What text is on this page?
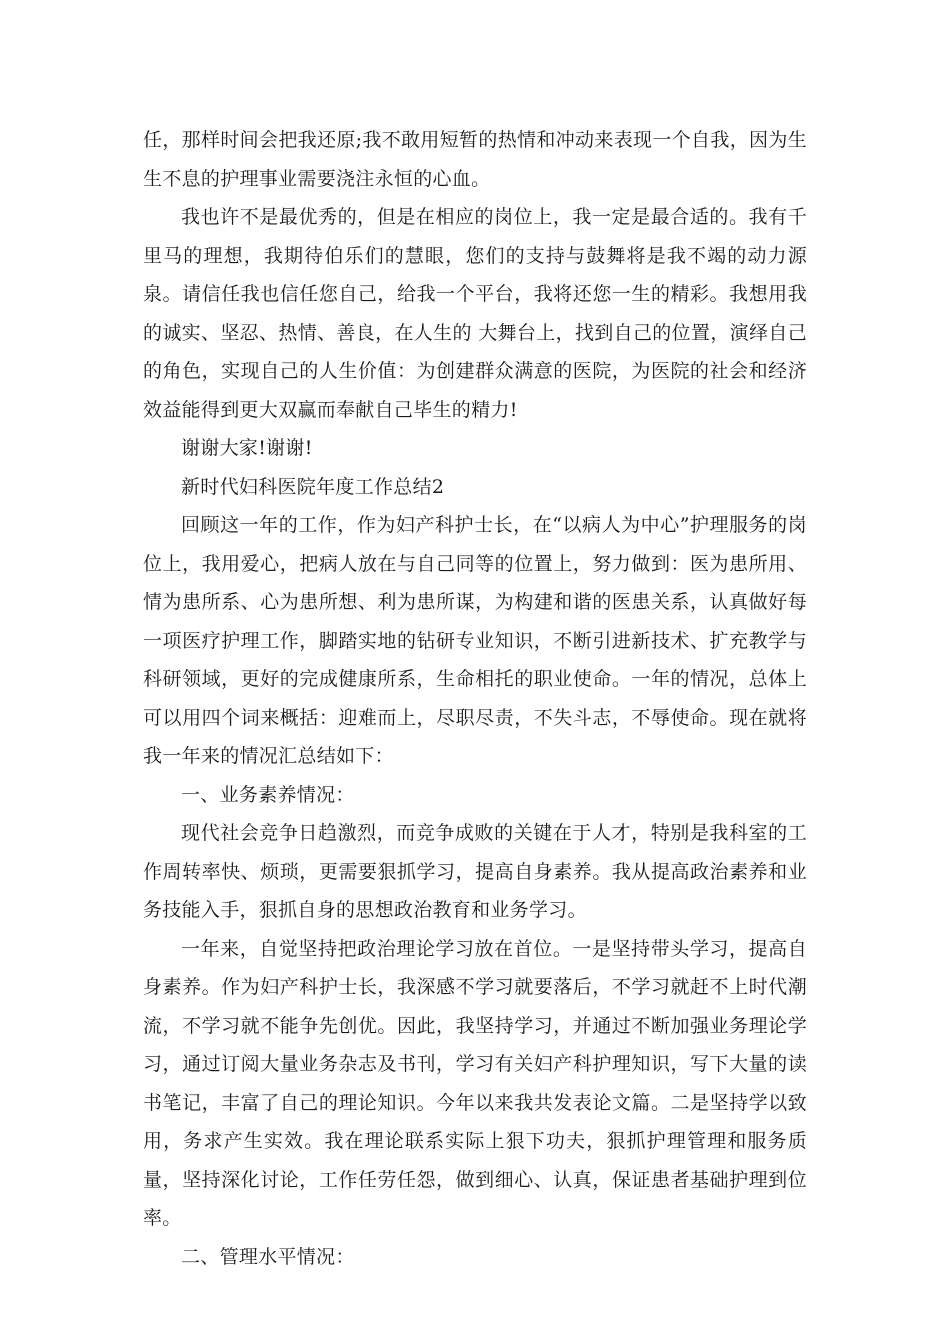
任，那样时间会把我还原;我不敢用短暂的热情和冲动来表现一个自我，因为生生不息的护理事业需要浇注永恒的心血。

我也许不是最优秀的，但是在相应的岗位上，我一定是最合适的。我有千里马的理想，我期待伯乐们的慧眼，您们的支持与鼓舞将是我不竭的动力源泉。请信任我也信任您自己，给我一个平台，我将还您一生的精彩。我想用我的诚实、坚忍、热情、善良，在人生的 大舞台上，找到自己的位置，演绎自己的角色，实现自己的人生价值：为创建群众满意的医院，为医院的社会和经济效益能得到更大双赢而奉献自己毕生的精力!

谢谢大家!谢谢!

新时代妇科医院年度工作总结2

回顾这一年的工作，作为妇产科护士长，在“以病人为中心”护理服务的岗位上，我用爱心，把病人放在与自己同等的位置上，努力做到：医为患所用、情为患所系、心为患所想、利为患所谋，为构建和谐的医患关系，认真做好每一项医疗护理工作，脚踏实地的钻研专业知识，不断引进新技术、扩充教学与科研领域，更好的完成健康所系，生命相托的职业使命。一年的情况，总体上可以用四个词来概括：迎难而上，尽职尽责，不失斗志，不辱使命。现在就将我一年来的情况汇总结如下：

一、业务素养情况：

现代社会竞争日趋激烈，而竞争成败的关键在于人才，特别是我科室的工作周转率快、烦琐，更需要狠抓学习，提高自身素养。我从提高政治素养和业务技能入手，狠抓自身的思想政治教育和业务学习。

一年来，自觉坚持把政治理论学习放在首位。一是坚持带头学习，提高自身素养。作为妇产科护士长，我深感不学习就要落后，不学习就赶不上时代潮流，不学习就不能争先创优。因此，我坚持学习，并通过不断加强业务理论学习，通过订阅大量业务杂志及书刊，学习有关妇产科护理知识，写下大量的读书笔记，丰富了自己的理论知识。今年以来我共发表论文篇。二是坚持学以致用，务求产生实效。我在理论联系实际上狠下功夫，狠抓护理管理和服务质量，坚持深化讨论，工作任劳任怨，做到细心、认真，保证患者基础护理到位率。

二、管理水平情况：
